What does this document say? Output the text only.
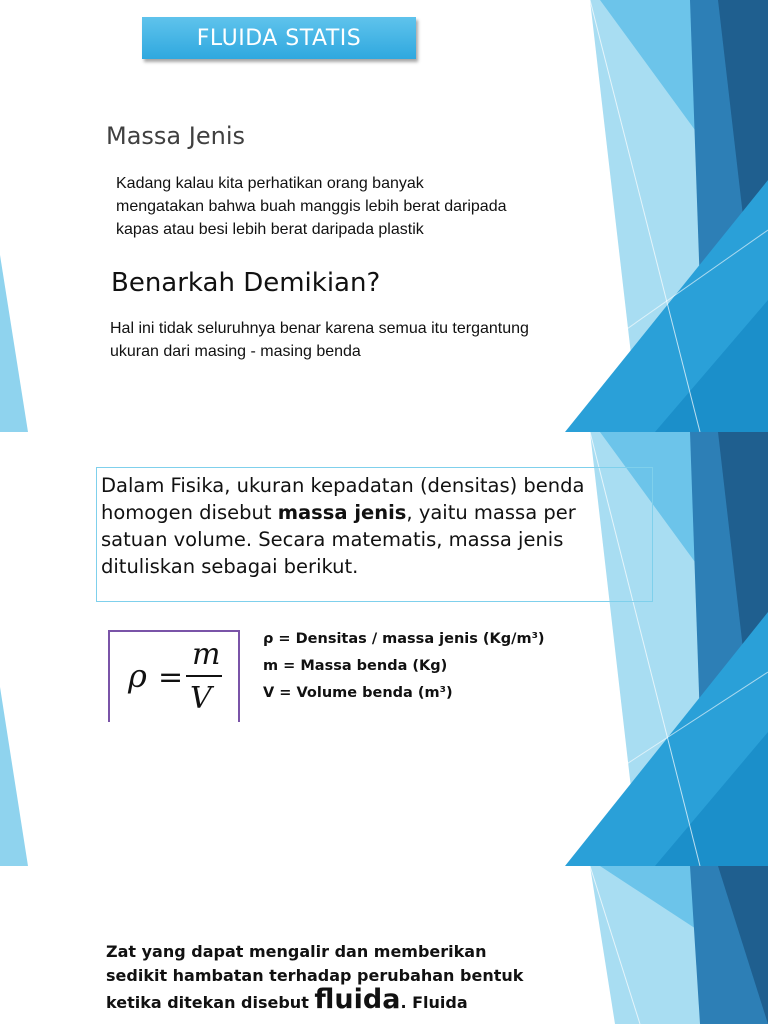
FLUIDA STATIS
Massa Jenis

Kadang kalau kita perhatikan orang banyak mengatakan bahwa buah manggis lebih berat daripada kapas atau besi lebih berat daripada plastik

Benarkah Demikian?

Hal ini tidak seluruhnya benar karena semua itu tergantung ukuran dari masing - masing benda

Dalam Fisika, ukuran kepadatan (densitas) benda homogen disebut massa jenis, yaitu massa per satuan volume. Secara matematis, massa jenis dituliskan sebagai berikut.

ρ =
m
V
ρ = Densitas / massa jenis (Kg/m³)
m = Massa benda (Kg)
V = Volume benda (m³)

Zat yang dapat mengalir dan memberikan
sedikit hambatan terhadap perubahan bentuk
ketika ditekan disebut fluida. Fluida
